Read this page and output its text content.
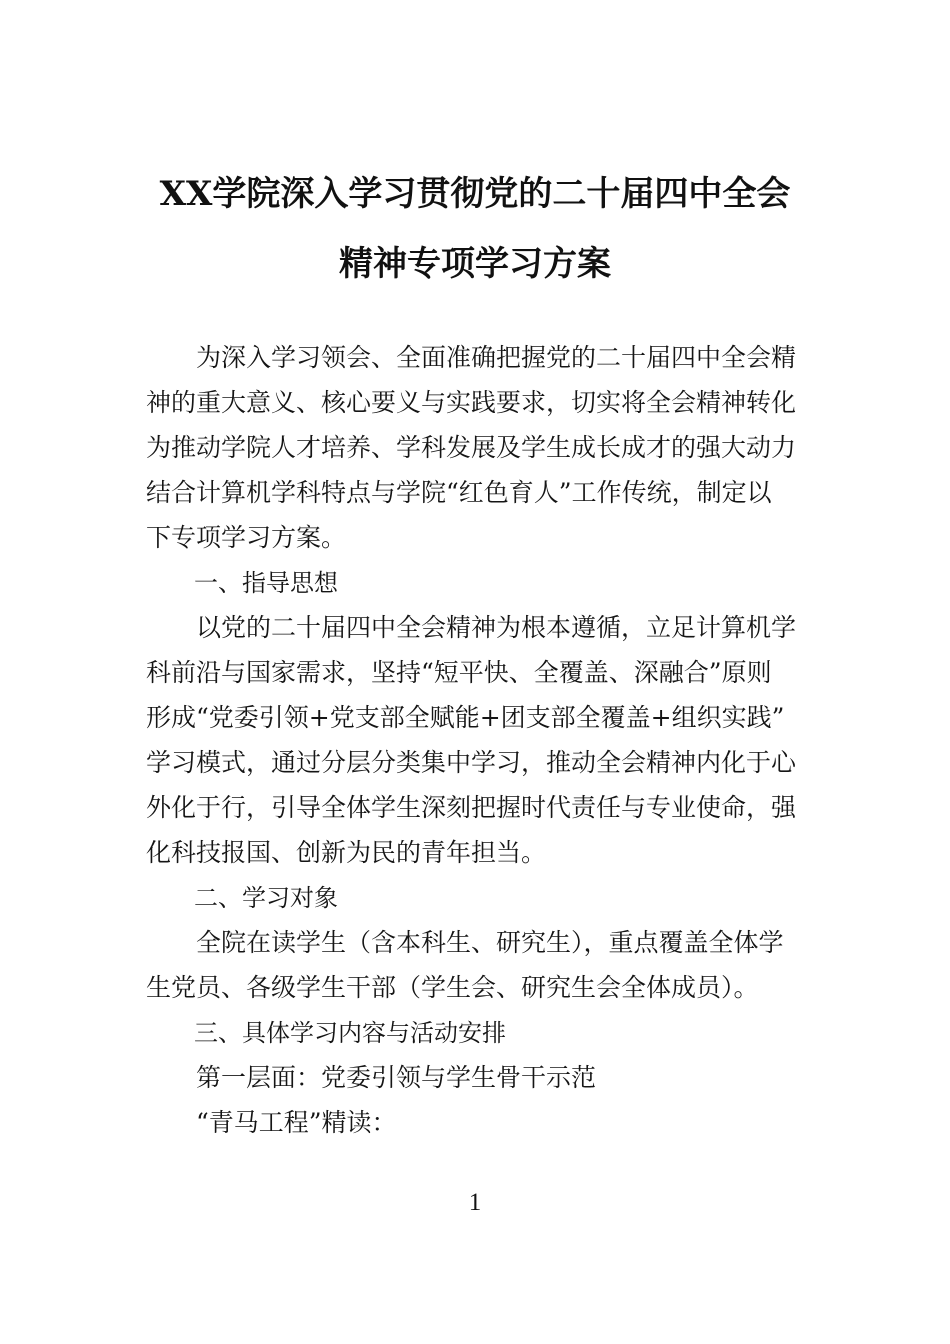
XX学院深入学习贯彻党的二十届四中全会
精神专项学习方案
　　为深入学习领会、全面准确把握党的二十届四中全会精
神的重大意义、核心要义与实践要求，切实将全会精神转化
为推动学院人才培养、学科发展及学生成长成才的强大动力
结合计算机学科特点与学院“红色育人”工作传统，制定以
下专项学习方案。
　　一、指导思想
　　以党的二十届四中全会精神为根本遵循，立足计算机学
科前沿与国家需求，坚持“短平快、全覆盖、深融合”原则
形成“党委引领+党支部全赋能+团支部全覆盖+组织实践”
学习模式，通过分层分类集中学习，推动全会精神内化于心
外化于行，引导全体学生深刻把握时代责任与专业使命，强
化科技报国、创新为民的青年担当。
　　二、学习对象
　　全院在读学生（含本科生、研究生），重点覆盖全体学
生党员、各级学生干部（学生会、研究生会全体成员）。
　　三、具体学习内容与活动安排
　　第一层面：党委引领与学生骨干示范
　　“青马工程”精读：
1
